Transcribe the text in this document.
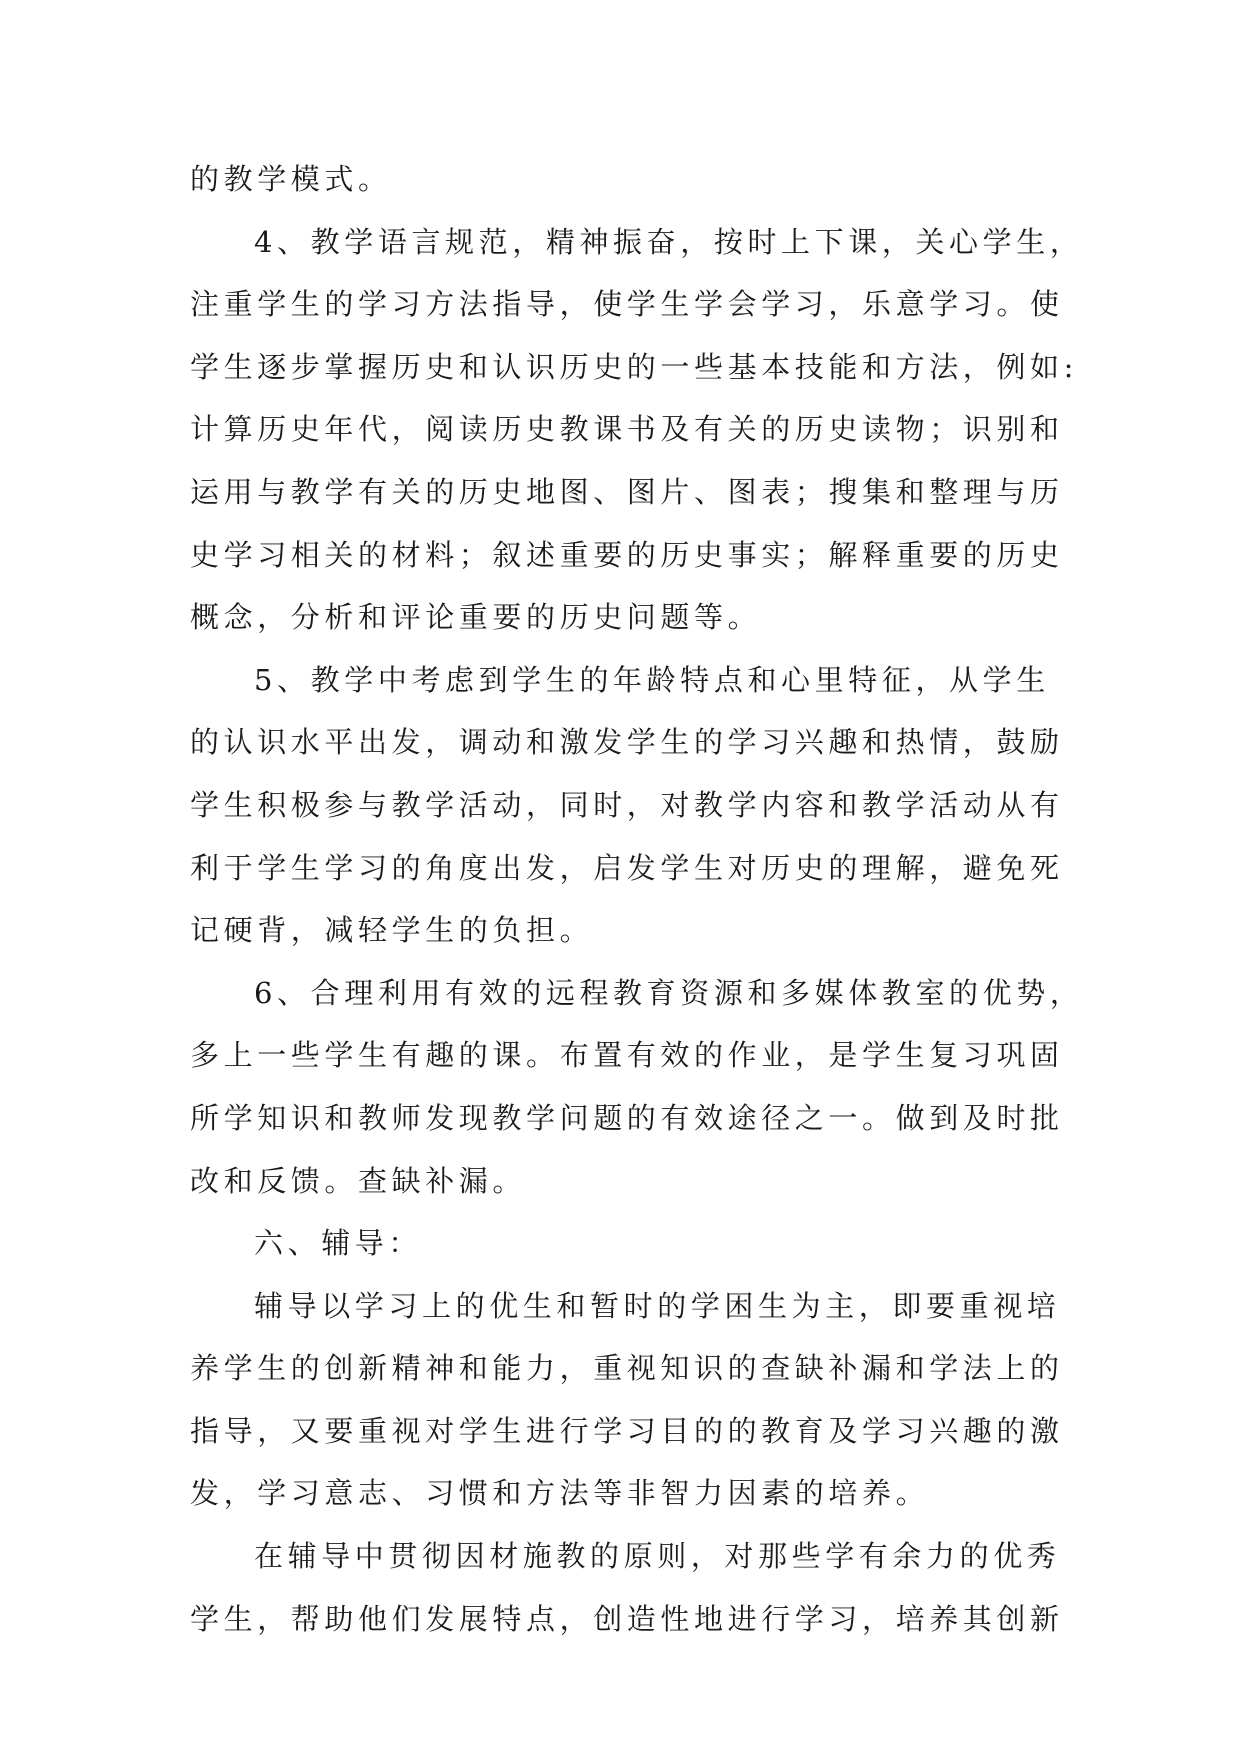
的教学模式。
4、教学语言规范，精神振奋，按时上下课，关心学生，
注重学生的学习方法指导，使学生学会学习，乐意学习。使
学生逐步掌握历史和认识历史的一些基本技能和方法，例如:
计算历史年代，阅读历史教课书及有关的历史读物；识别和
运用与教学有关的历史地图、图片、图表；搜集和整理与历
史学习相关的材料；叙述重要的历史事实；解释重要的历史
概念，分析和评论重要的历史问题等。
5、教学中考虑到学生的年龄特点和心里特征，从学生
的认识水平出发，调动和激发学生的学习兴趣和热情，鼓励
学生积极参与教学活动，同时，对教学内容和教学活动从有
利于学生学习的角度出发，启发学生对历史的理解，避免死
记硬背，减轻学生的负担。
6、合理利用有效的远程教育资源和多媒体教室的优势，
多上一些学生有趣的课。布置有效的作业，是学生复习巩固
所学知识和教师发现教学问题的有效途径之一。做到及时批
改和反馈。查缺补漏。
六、辅导：
辅导以学习上的优生和暂时的学困生为主，即要重视培
养学生的创新精神和能力，重视知识的查缺补漏和学法上的
指导，又要重视对学生进行学习目的的教育及学习兴趣的激
发，学习意志、习惯和方法等非智力因素的培养。
在辅导中贯彻因材施教的原则，对那些学有余力的优秀
学生，帮助他们发展特点，创造性地进行学习，培养其创新
